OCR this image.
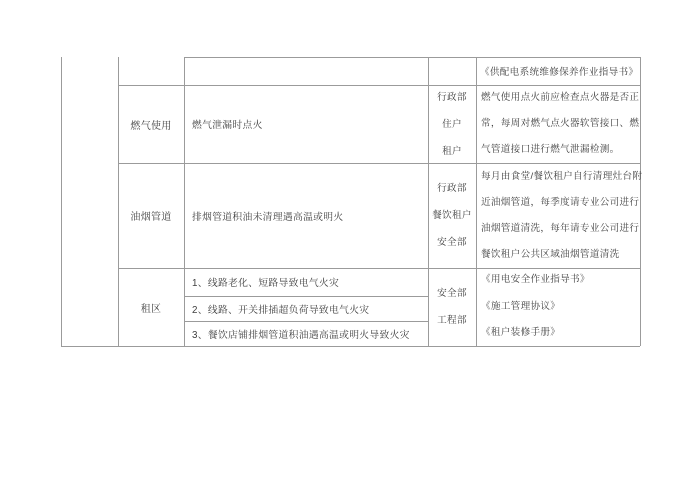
《供配电系统维修保养作业指导书》
燃气使用	燃气泄漏时点火
行政部
住户
租户
燃气使用点火前应检查点火器是否正常，每周对燃气点火器软管接口、燃气管道接口进行燃气泄漏检测。
油烟管道	排烟管道积油未清理遇高温或明火
行政部
餐饮租户
安全部
每月由食堂/餐饮租户自行清理灶台附近油烟管道，每季度请专业公司进行油烟管道清洗，每年请专业公司进行餐饮租户公共区域油烟管道清洗
租区
1、线路老化、短路导致电气火灾
2、线路、开关排插超负荷导致电气火灾
3、餐饮店铺排烟管道积油遇高温或明火导致火灾
安全部
工程部
《用电安全作业指导书》
《施工管理协议》
《租户装修手册》
